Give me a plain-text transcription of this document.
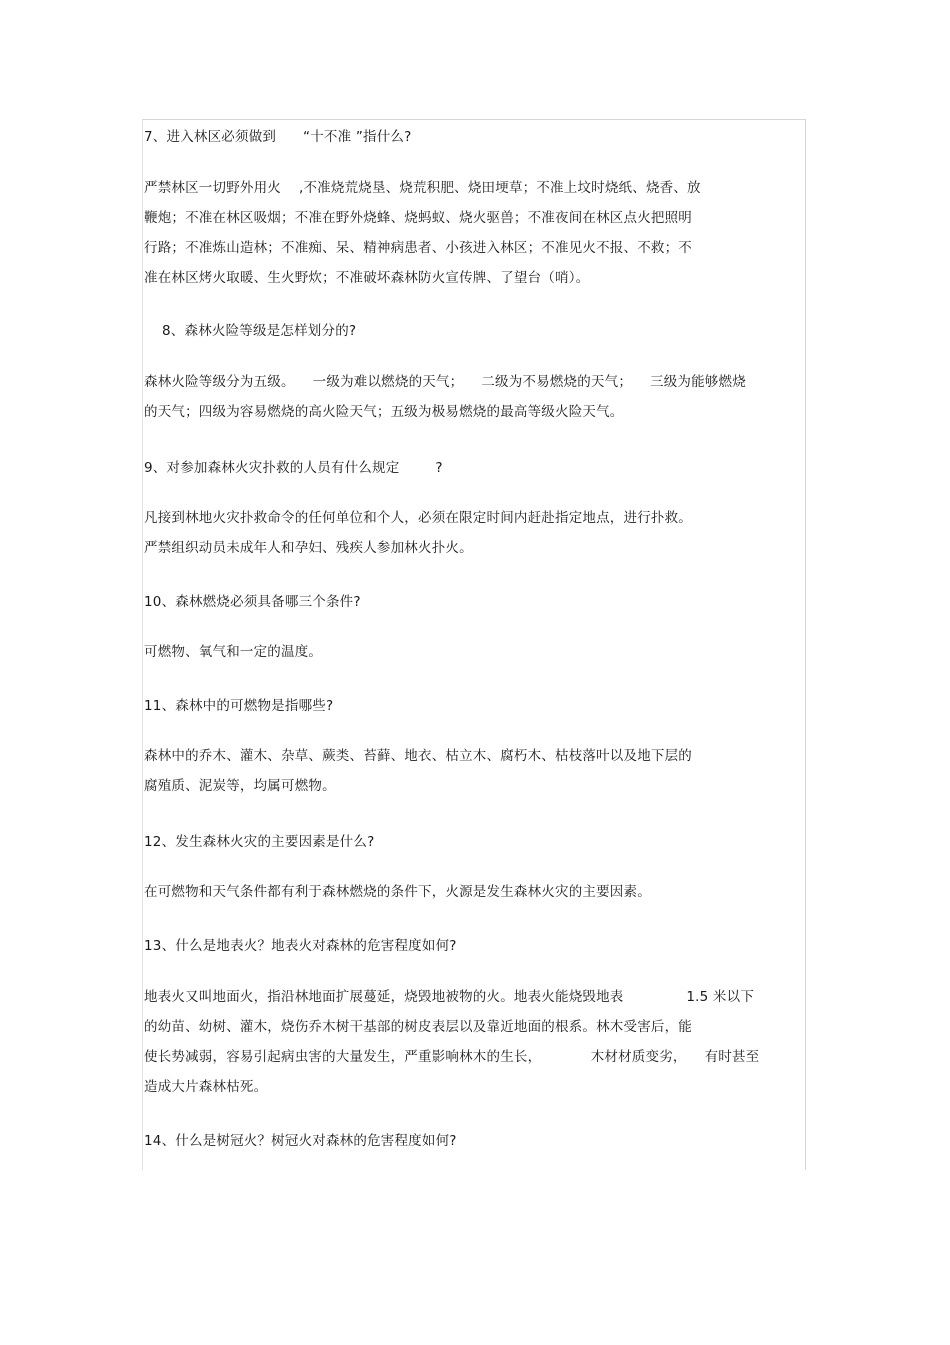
7、进入林区必须做到      “十不准 ”指什么?
严禁林区一切野外用火    ,不准烧荒烧垦、烧荒积肥、烧田埂草；不准上坟时烧纸、烧香、放
鞭炮；不准在林区吸烟；不准在野外烧蜂、烧蚂蚁、烧火驱兽；不准夜间在林区点火把照明
行路；不准炼山造林；不准痴、呆、精神病患者、小孩进入林区；不准见火不报、不救；不
准在林区烤火取暖、生火野炊；不准破坏森林防火宣传牌、了望台（哨）。
8、森林火险等级是怎样划分的?
森林火险等级分为五级。    一级为难以燃烧的天气；    二级为不易燃烧的天气；    三级为能够燃烧
的天气；四级为容易燃烧的高火险天气；五级为极易燃烧的最高等级火险天气。
9、对参加森林火灾扑救的人员有什么规定        ?
凡接到林地火灾扑救命令的任何单位和个人，必须在限定时间内赶赴指定地点，进行扑救。
严禁组织动员未成年人和孕妇、残疾人参加林火扑火。
10、森林燃烧必须具备哪三个条件?
可燃物、氧气和一定的温度。
11、森林中的可燃物是指哪些?
森林中的乔木、灌木、杂草、蕨类、苔藓、地衣、枯立木、腐朽木、枯枝落叶以及地下层的
腐殖质、泥炭等，均属可燃物。
12、发生森林火灾的主要因素是什么?
在可燃物和天气条件都有利于森林燃烧的条件下，火源是发生森林火灾的主要因素。
13、什么是地表火？地表火对森林的危害程度如何?
地表火又叫地面火，指沿林地面扩展蔓延，烧毁地被物的火。地表火能烧毁地表              1.5 米以下
的幼苗、幼树、灌木，烧伤乔木树干基部的树皮表层以及靠近地面的根系。林木受害后，能
使长势减弱，容易引起病虫害的大量发生，严重影响林木的生长，           木材材质变劣，    有时甚至
造成大片森林枯死。
14、什么是树冠火？树冠火对森林的危害程度如何?
